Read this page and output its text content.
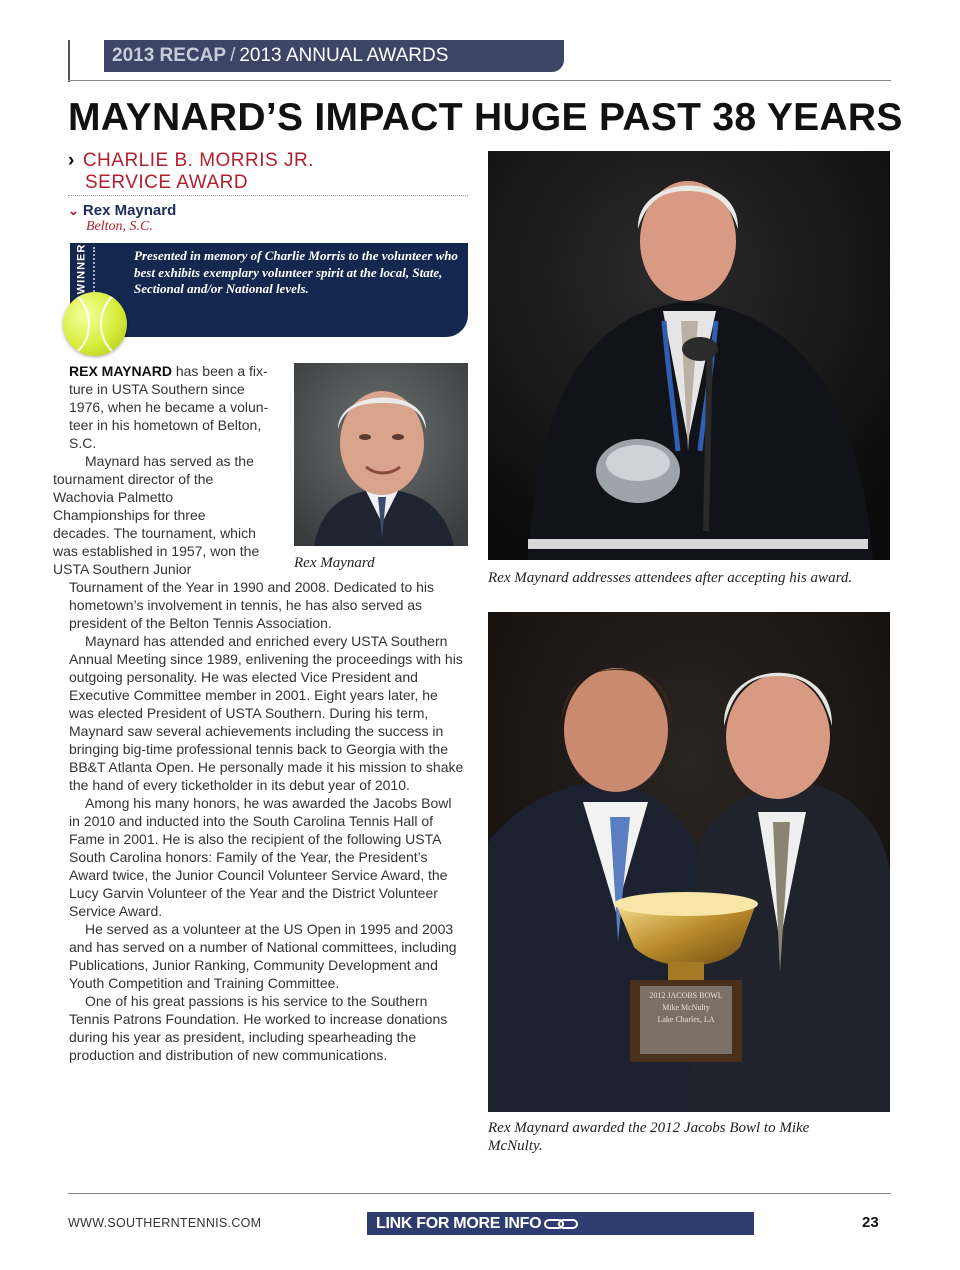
2013 RECAP / 2013 ANNUAL AWARDS
MAYNARD’S IMPACT HUGE PAST 38 YEARS
› CHARLIE B. MORRIS JR.
SERVICE AWARD
⌄ Rex Maynard
Belton, S.C.
WINNER	Presented in memory of Charlie Morris to the volunteer who best exhibits exemplary volunteer spirit at the local, State, Sectional and/or National levels.
Rex Maynard

REX MAYNARD has been a fix-
ture in USTA Southern since
1976, when he became a volun-
teer in his hometown of Belton,
S.C.

Maynard has served as the
tournament director of the
Wachovia Palmetto
Championships for three
decades. The tournament, which
was established in 1957, won the
USTA Southern Junior

Tournament of the Year in 1990 and 2008. Dedicated to his hometown’s involvement in tennis, he has also served as president of the Belton Tennis Association.

Maynard has attended and enriched every USTA Southern Annual Meeting since 1989, enlivening the proceedings with his outgoing personality. He was elected Vice President and Executive Committee member in 2001. Eight years later, he was elected President of USTA Southern. During his term, Maynard saw several achievements including the success in bringing big-time professional tennis back to Georgia with the BB&T Atlanta Open. He personally made it his mission to shake the hand of every ticketholder in its debut year of 2010.

Among his many honors, he was awarded the Jacobs Bowl in 2010 and inducted into the South Carolina Tennis Hall of Fame in 2001. He is also the recipient of the following USTA South Carolina honors: Family of the Year, the President’s Award twice, the Junior Council Volunteer Service Award, the Lucy Garvin Volunteer of the Year and the District Volunteer Service Award.

He served as a volunteer at the US Open in 1995 and 2003 and has served on a number of National committees, including Publications, Junior Ranking, Community Development and Youth Competition and Training Committee.

One of his great passions is his service to the Southern Tennis Patrons Foundation. He worked to increase donations during his year as president, including spearheading the production and distribution of new communications.

Rex Maynard addresses attendees after accepting his award.
2012 JACOBS BOWL
Mike McNulty
Lake Charles, LA
Rex Maynard awarded the 2012 Jacobs Bowl to Mike McNulty.
WWW.SOUTHERNTENNIS.COM	LINK FOR MORE INFO	23
